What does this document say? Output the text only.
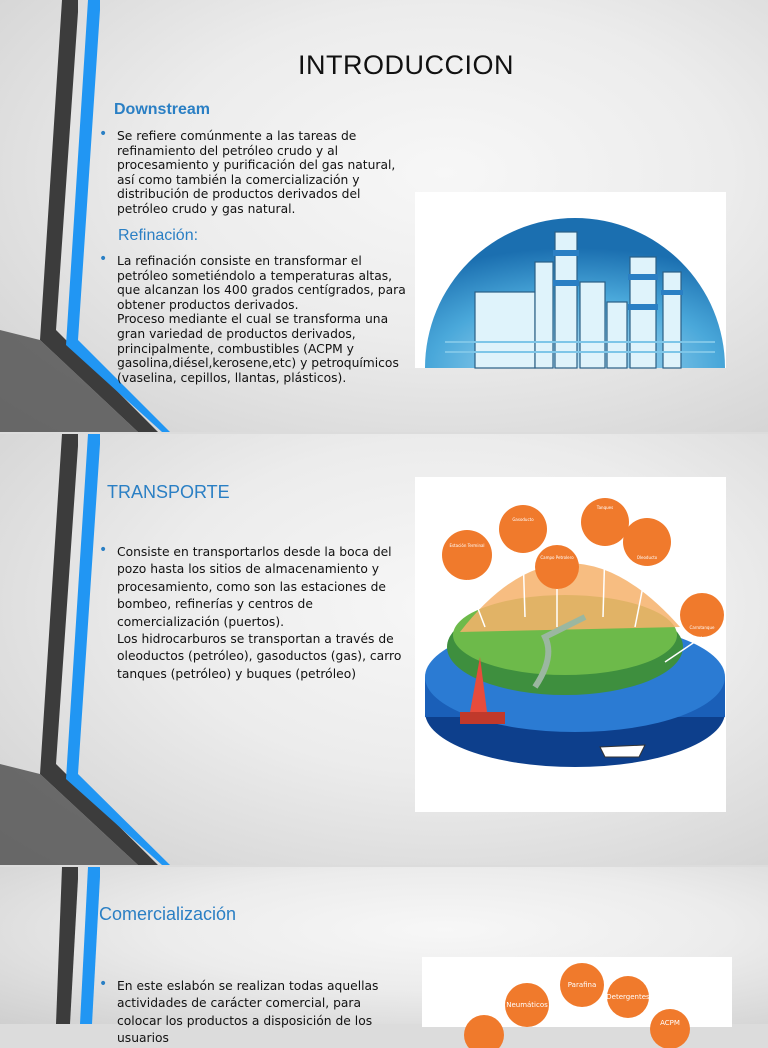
INTRODUCCION
Downstream
• Se refiere comúnmente a las tareas de refinamiento del petróleo crudo y al procesamiento y purificación del gas natural, así como también la comercialización y distribución de productos derivados del petróleo crudo y gas natural.
Refinación:
• La refinación consiste en transformar el petróleo sometiéndolo a temperaturas altas, que alcanzan los 400 grados centígrados, para obtener productos derivados.
Proceso mediante el cual se transforma una gran variedad de productos derivados, principalmente, combustibles (ACPM y gasolina,diésel,kerosene,etc) y petroquímicos (vaselina, cepillos, llantas, plásticos).
TRANSPORTE
• Consiste en transportarlos desde la boca del pozo hasta los sitios de almacenamiento y procesamiento, como son las estaciones de bombeo, refinerías y centros de comercialización (puertos).
Los hidrocarburos se transportan a través de oleoductos (petróleo), gasoductos (gas), carro tanques (petróleo) y buques (petróleo)
Estación Terminal
Gasoducto
Campo Petrolero
Tanques
Oleoducto
Carrotanque
Comercialización
• En este eslabón se realizan todas aquellas actividades de carácter comercial, para colocar los productos a disposición de los usuarios
Neumáticos
Parafina
Detergentes
ACPM
